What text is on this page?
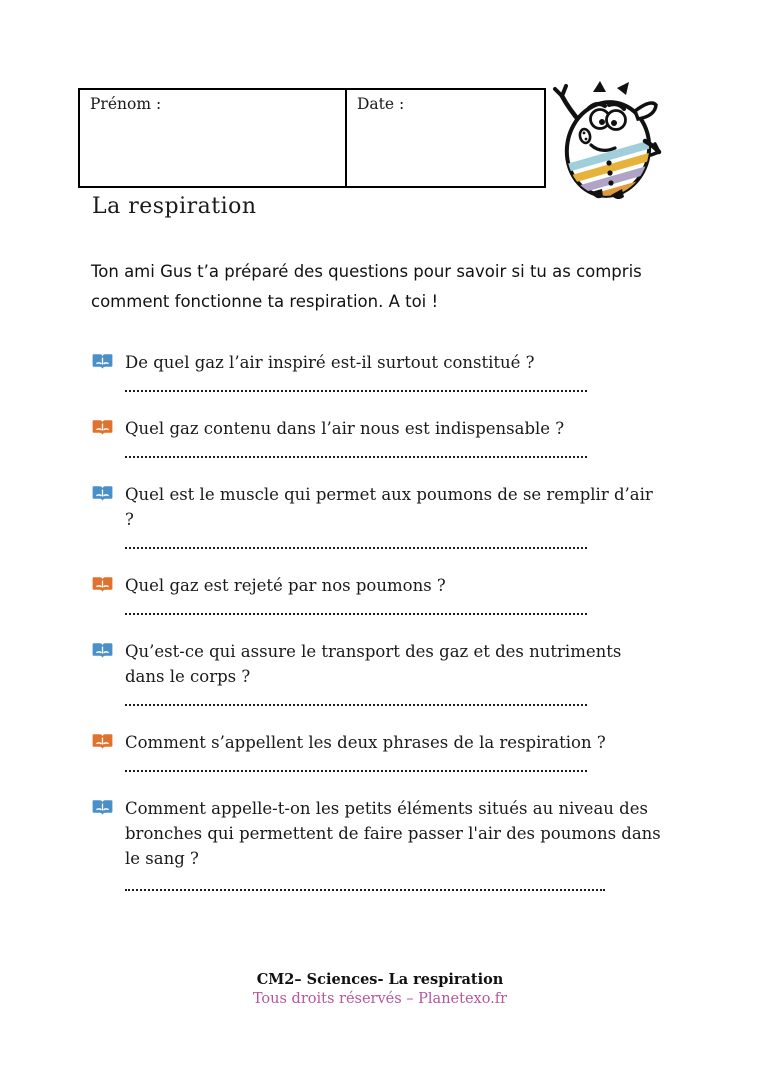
Prénom :	Date :
La respiration

Ton ami Gus t’a préparé des questions pour savoir si tu as compris comment fonctionne ta respiration. A toi !

De quel gaz l’air inspiré est-il surtout constitué ?
Quel gaz contenu dans l’air nous est indispensable ?
Quel est le muscle qui permet aux poumons de se remplir d’air ?
Quel gaz est rejeté par nos poumons ?
Qu’est-ce qui assure le transport des gaz et des nutriments dans le corps ?
Comment s’appellent les deux phrases de la respiration ?
Comment appelle-t-on les petits éléments situés au niveau des bronches qui permettent de faire passer l'air des poumons dans le sang ?
CM2– Sciences- La respiration
Tous droits réservés – Planetexo.fr
